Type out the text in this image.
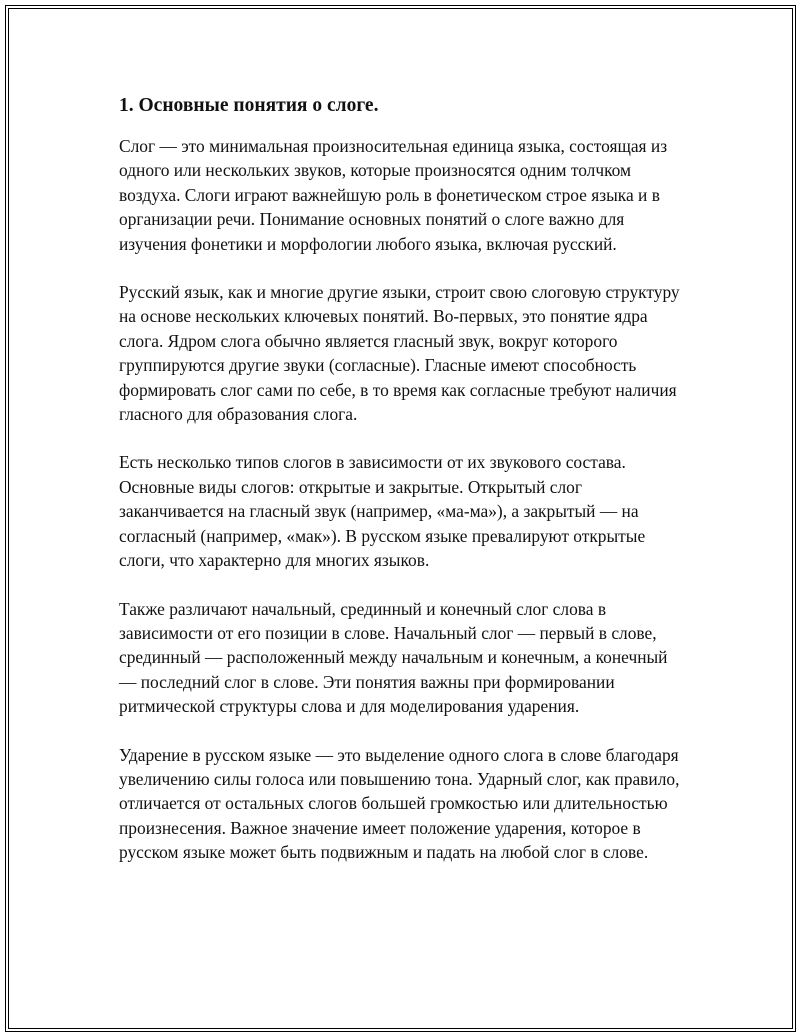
1. Основные понятия о слоге.

Слог — это минимальная произносительная единица языка, состоящая из одного или нескольких звуков, которые произносятся одним толчком воздуха. Слоги играют важнейшую роль в фонетическом строе языка и в организации речи. Понимание основных понятий о слоге важно для изучения фонетики и морфологии любого языка, включая русский.

Русский язык, как и многие другие языки, строит свою слоговую структуру на основе нескольких ключевых понятий. Во-первых, это понятие ядра слога. Ядром слога обычно является гласный звук, вокруг которого группируются другие звуки (согласные). Гласные имеют способность формировать слог сами по себе, в то время как согласные требуют наличия гласного для образования слога.

Есть несколько типов слогов в зависимости от их звукового состава. Основные виды слогов: открытые и закрытые. Открытый слог заканчивается на гласный звук (например, «ма-ма»), а закрытый — на согласный (например, «мак»). В русском языке превалируют открытые слоги, что характерно для многих языков.

Также различают начальный, срединный и конечный слог слова в зависимости от его позиции в слове. Начальный слог — первый в слове, срединный — расположенный между начальным и конечным, а конечный — последний слог в слове. Эти понятия важны при формировании ритмической структуры слова и для моделирования ударения.

Ударение в русском языке — это выделение одного слога в слове благодаря увеличению силы голоса или повышению тона. Ударный слог, как правило, отличается от остальных слогов большей громкостью или длительностью произнесения. Важное значение имеет положение ударения, которое в русском языке может быть подвижным и падать на любой слог в слове.
